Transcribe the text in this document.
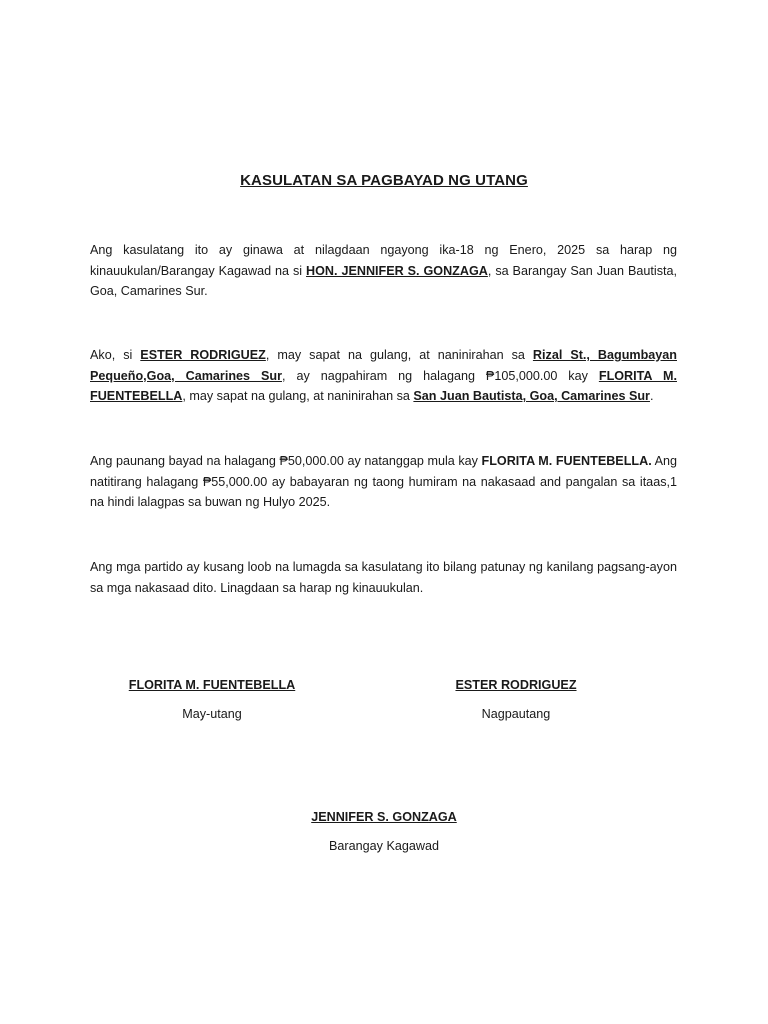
KASULATAN SA PAGBAYAD NG UTANG
Ang kasulatang ito ay ginawa at nilagdaan ngayong ika-18 ng Enero, 2025 sa harap ng kinauukulan/Barangay Kagawad na si HON. JENNIFER S. GONZAGA, sa Barangay San Juan Bautista, Goa, Camarines Sur.
Ako, si ESTER RODRIGUEZ, may sapat na gulang, at naninirahan sa Rizal St., Bagumbayan Pequeño,Goa, Camarines Sur, ay nagpahiram ng halagang ₱105,000.00 kay FLORITA M. FUENTEBELLA, may sapat na gulang, at naninirahan sa San Juan Bautista, Goa, Camarines Sur.
Ang paunang bayad na halagang ₱50,000.00 ay natanggap mula kay FLORITA M. FUENTEBELLA. Ang natitirang halagang ₱55,000.00 ay babayaran ng taong humiram na nakasaad and pangalan sa itaas,1 na hindi lalagpas sa buwan ng Hulyo 2025.
Ang mga partido ay kusang loob na lumagda sa kasulatang ito bilang patunay ng kanilang pagsang-ayon sa mga nakasaad dito. Linagdaan sa harap ng kinauukulan.
FLORITA M. FUENTEBELLA
May-utang
ESTER RODRIGUEZ
Nagpautang
JENNIFER S. GONZAGA
Barangay Kagawad
